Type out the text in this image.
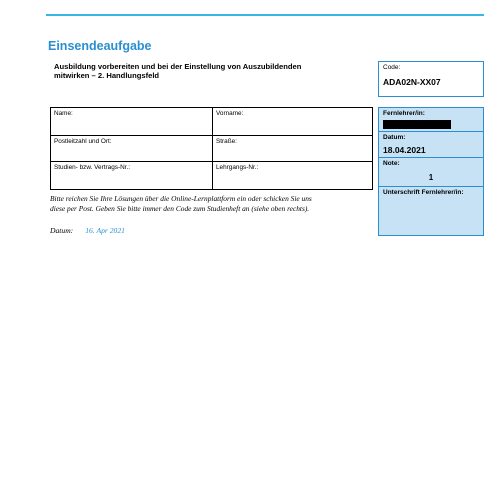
Einsendeaufgabe
Ausbildung vorbereiten und bei der Einstellung von Auszubildenden
mitwirken – 2. Handlungsfeld
Code:
ADA02N-XX07
Fernlehrer/in:
Datum:
18.04.2021
Note:
1
Unterschrift Fernlehrer/in:
Name:	Vorname:
Postleitzahl und Ort:	Straße:
Studien- bzw. Vertrags-Nr.:	Lehrgangs-Nr.:
Bitte reichen Sie Ihre Lösungen über die Online-Lernplattform ein oder schicken Sie uns
diese per Post. Geben Sie bitte immer den Code zum Studienheft an (siehe oben rechts).
Datum: 16. Apr 2021
